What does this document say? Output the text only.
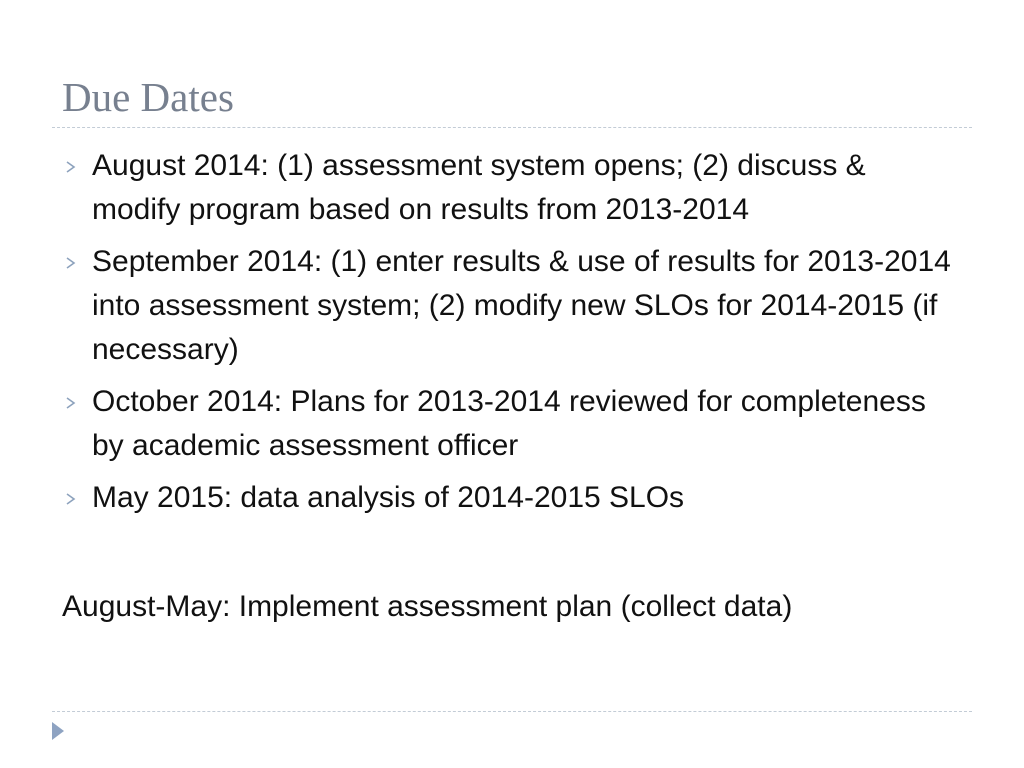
Due Dates
August 2014: (1) assessment system opens; (2) discuss & modify program based on results from 2013-2014
September 2014: (1) enter results & use of results for 2013-2014 into assessment system; (2) modify new SLOs for 2014-2015 (if necessary)
October 2014: Plans for 2013-2014 reviewed for completeness by academic assessment officer
May 2015: data analysis of 2014-2015 SLOs

August-May: Implement assessment plan (collect data)
